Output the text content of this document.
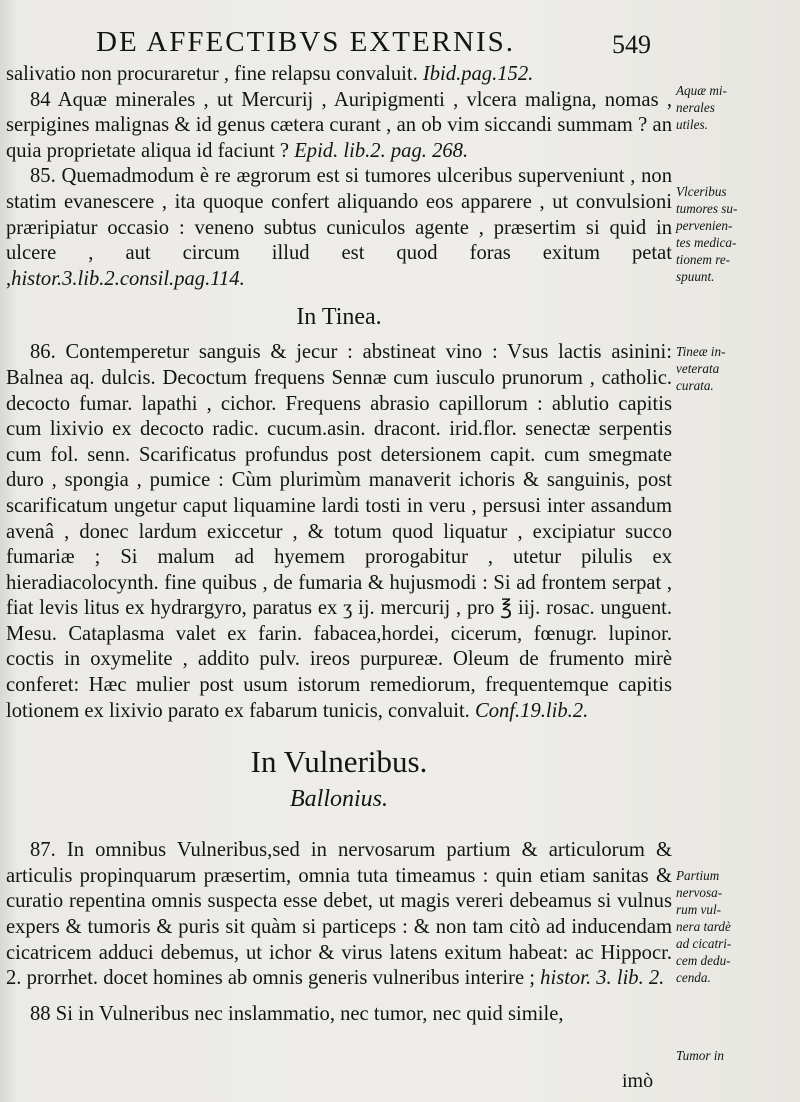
DE AFFECTIBVS EXTERNIS.	549

salivatio non procuraretur , fine relapsu convaluit. Ibid.pag.152.

84 Aquæ minerales , ut Mercurij , Auripigmenti , vlcera maligna, nomas , serpigines malignas & id genus cætera curant , an ob vim siccandi summam ? an quia proprietate aliqua id faciunt ? Epid. lib.2. pag. 268.

85. Quemadmodum è re ægrorum est si tumores ulceribus superveniunt , non statim evanescere , ita quoque confert aliquando eos apparere , ut convulsioni præripiatur occasio : veneno subtus cuniculos agente , præsertim si quid in ulcere , aut circum illud est quod foras exitum petat ,histor.3.lib.2.consil.pag.114.

In Tinea.

86. Contemperetur sanguis & jecur : abstineat vino : Vsus lactis asinini: Balnea aq. dulcis. Decoctum frequens Sennæ cum iusculo prunorum , catholic. decocto fumar. lapathi , cichor. Frequens abrasio capillorum : ablutio capitis cum lixivio ex decocto radic. cucum.asin. dracont. irid.flor. senectæ serpentis cum fol. senn. Scarificatus profundus post detersionem capit. cum smegmate duro , spongia , pumice : Cùm plurimùm manaverit ichoris & sanguinis, post scarificatum ungetur caput liquamine lardi tosti in veru , persusi inter assandum avenâ , donec lardum exiccetur , & totum quod liquatur , excipiatur succo fumariæ ; Si malum ad hyemem prorogabitur , utetur pilulis ex hieradiacolocynth. fine quibus , de fumaria & hujusmodi : Si ad frontem serpat , fiat levis litus ex hydrargyro, paratus ex ʒ ij. mercurij , pro ℥ iij. rosac. unguent. Mesu. Cataplasma valet ex farin. fabacea,hordei, cicerum, fœnugr. lupinor. coctis in oxymelite , addito pulv. ireos purpureæ. Oleum de frumento mirè conferet: Hæc mulier post usum istorum remediorum, frequentemque capitis lotionem ex lixivio parato ex fabarum tunicis, convaluit. Conf.19.lib.2.

In Vulneribus.
Ballonius.

87. In omnibus Vulneribus,sed in nervosarum partium & articulorum & articulis propinquarum præsertim, omnia tuta timeamus : quin etiam sanitas & curatio repentina omnis suspecta esse debet, ut magis vereri debeamus si vulnus expers & tumoris & puris sit quàm si particeps : & non tam citò ad inducendam cicatricem adduci debemus, ut ichor & virus latens exitum habeat: ac Hippocr. 2. prorrhet. docet homines ab omnis generis vulneribus interire ; histor. 3. lib. 2.

88 Si in Vulneribus nec inslammatio, nec tumor, nec quid simile,

Aquæ mi-
nerales
utiles.
Vlceribus
tumores su-
pervenien-
tes medica-
tionem re-
spuunt.
Tineæ in-
veterata
curata.
Partium
nervosa-
rum vul-
nera tardè
ad cicatri-
cem dedu-
cenda.
Tumor in
imò
